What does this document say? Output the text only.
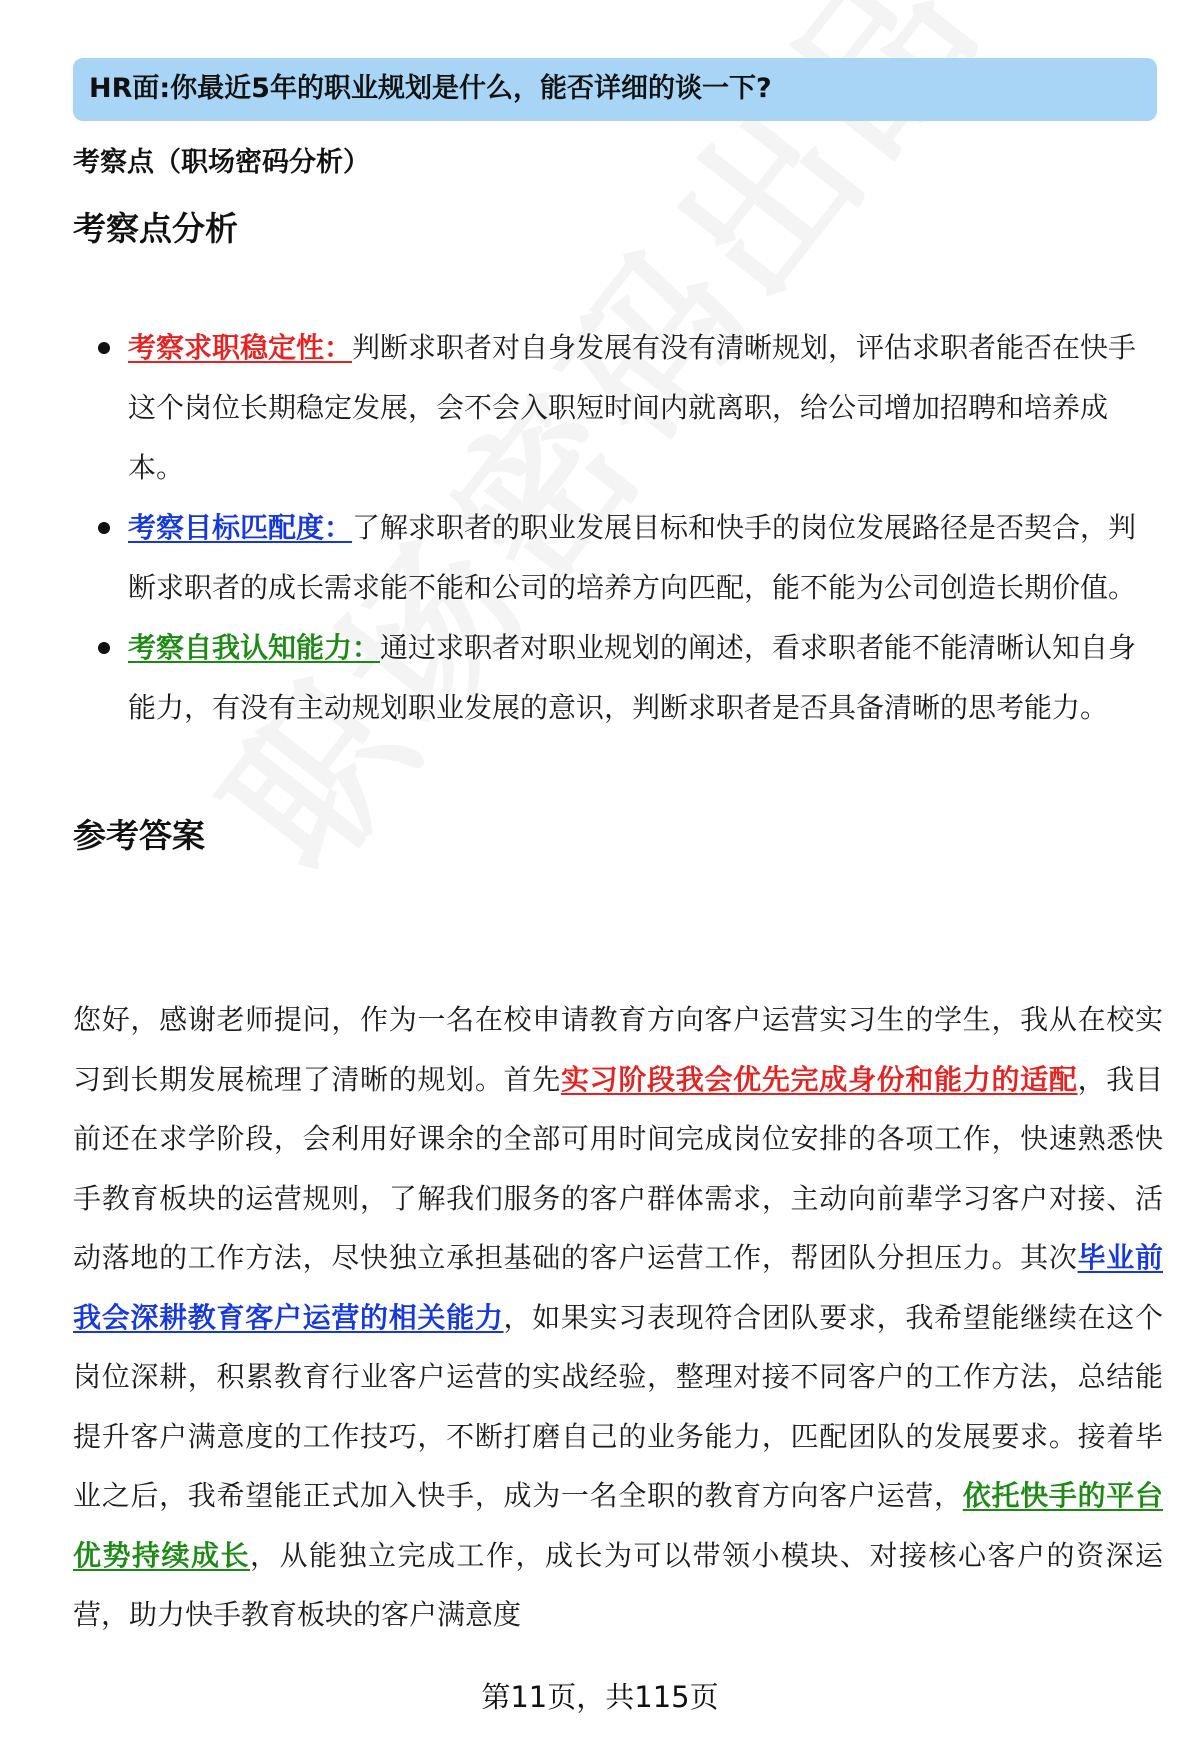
HR面:你最近5年的职业规划是什么，能否详细的谈一下?
考察点（职场密码分析）
考察点分析
考察求职稳定性：判断求职者对自身发展有没有清晰规划，评估求职者能否在快手这个岗位长期稳定发展，会不会入职短时间内就离职，给公司增加招聘和培养成本。
考察目标匹配度：了解求职者的职业发展目标和快手的岗位发展路径是否契合，判断求职者的成长需求能不能和公司的培养方向匹配，能不能为公司创造长期价值。
考察自我认知能力：通过求职者对职业规划的阐述，看求职者能不能清晰认知自身能力，有没有主动规划职业发展的意识，判断求职者是否具备清晰的思考能力。
参考答案

您好，感谢老师提问，作为一名在校申请教育方向客户运营实习生的学生，我从在校实习到长期发展梳理了清晰的规划。首先实习阶段我会优先完成身份和能力的适配，我目前还在求学阶段，会利用好课余的全部可用时间完成岗位安排的各项工作，快速熟悉快手教育板块的运营规则，了解我们服务的客户群体需求，主动向前辈学习客户对接、活动落地的工作方法，尽快独立承担基础的客户运营工作，帮团队分担压力。其次毕业前我会深耕教育客户运营的相关能力，如果实习表现符合团队要求，我希望能继续在这个岗位深耕，积累教育行业客户运营的实战经验，整理对接不同客户的工作方法，总结能提升客户满意度的工作技巧，不断打磨自己的业务能力，匹配团队的发展要求。接着毕业之后，我希望能正式加入快手，成为一名全职的教育方向客户运营，依托快手的平台优势持续成长，从能独立完成工作，成长为可以带领小模块、对接核心客户的资深运营，助力快手教育板块的客户满意度

第11页，共115页
